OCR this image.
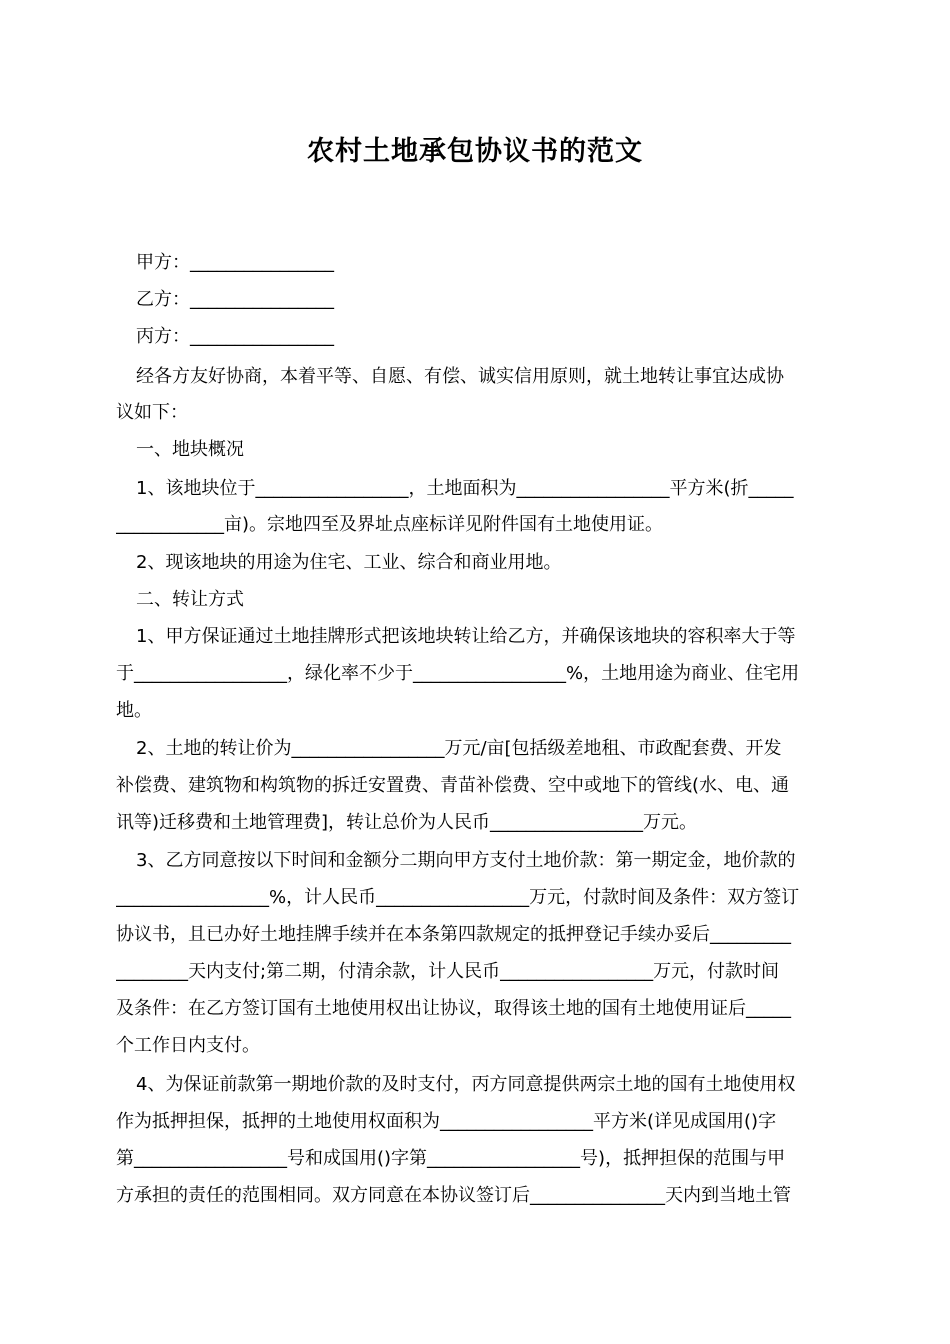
农村土地承包协议书的范文
甲方：________________
乙方：________________
丙方：________________
经各方友好协商，本着平等、自愿、有偿、诚实信用原则，就土地转让事宜达成协
议如下：
一、地块概况
1、该地块位于_________________，土地面积为_________________平方米(折_____
____________亩)。宗地四至及界址点座标详见附件国有土地使用证。
2、现该地块的用途为住宅、工业、综合和商业用地。
二、转让方式
1、甲方保证通过土地挂牌形式把该地块转让给乙方，并确保该地块的容积率大于等
于_________________，绿化率不少于_________________%，土地用途为商业、住宅用
地。
2、土地的转让价为_________________万元/亩[包括级差地租、市政配套费、开发
补偿费、建筑物和构筑物的拆迁安置费、青苗补偿费、空中或地下的管线(水、电、通
讯等)迁移费和土地管理费]，转让总价为人民币_________________万元。
3、乙方同意按以下时间和金额分二期向甲方支付土地价款：第一期定金，地价款的
_________________%，计人民币_________________万元，付款时间及条件：双方签订
协议书，且已办好土地挂牌手续并在本条第四款规定的抵押登记手续办妥后_________
________天内支付;第二期，付清余款，计人民币_________________万元，付款时间
及条件：在乙方签订国有土地使用权出让协议，取得该土地的国有土地使用证后_____
个工作日内支付。
4、为保证前款第一期地价款的及时支付，丙方同意提供两宗土地的国有土地使用权
作为抵押担保，抵押的土地使用权面积为_________________平方米(详见成国用()字
第_________________号和成国用()字第_________________号)，抵押担保的范围与甲
方承担的责任的范围相同。双方同意在本协议签订后_______________天内到当地土管
